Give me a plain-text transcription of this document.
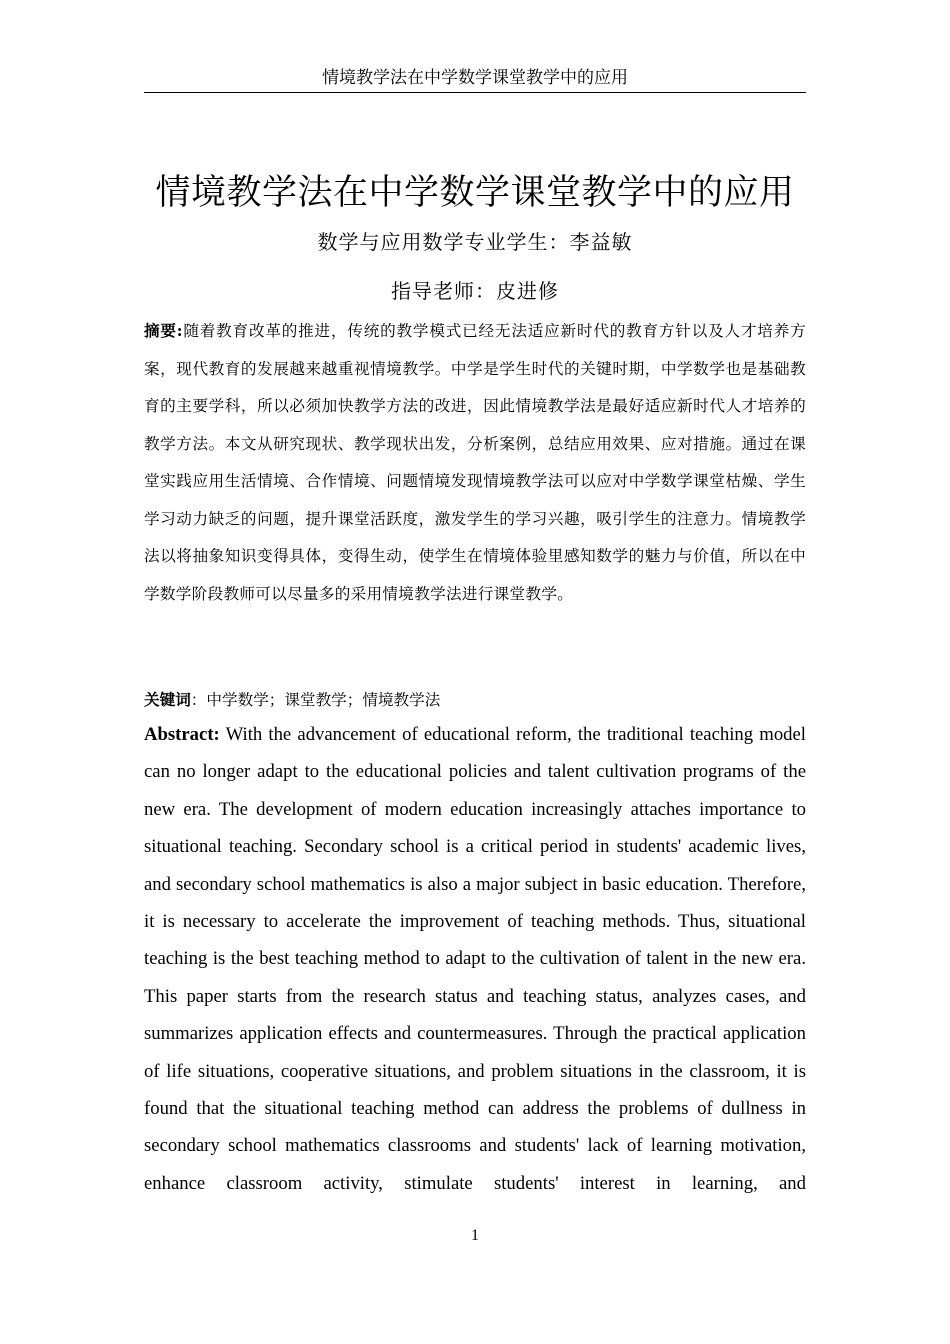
情境教学法在中学数学课堂教学中的应用
情境教学法在中学数学课堂教学中的应用
数学与应用数学专业学生：李益敏
指导老师：皮进修
摘要:随着教育改革的推进，传统的教学模式已经无法适应新时代的教育方针以及人才培养方案，现代教育的发展越来越重视情境教学。中学是学生时代的关键时期，中学数学也是基础教育的主要学科，所以必须加快教学方法的改进，因此情境教学法是最好适应新时代人才培养的教学方法。本文从研究现状、教学现状出发，分析案例，总结应用效果、应对措施。通过在课堂实践应用生活情境、合作情境、问题情境发现情境教学法可以应对中学数学课堂枯燥、学生学习动力缺乏的问题，提升课堂活跃度，激发学生的学习兴趣，吸引学生的注意力。情境教学法以将抽象知识变得具体，变得生动，使学生在情境体验里感知数学的魅力与价值，所以在中学数学阶段教师可以尽量多的采用情境教学法进行课堂教学。
关键词：中学数学；课堂教学；情境教学法
Abstract: With the advancement of educational reform, the traditional teaching model can no longer adapt to the educational policies and talent cultivation programs of the new era. The development of modern education increasingly attaches importance to situational teaching. Secondary school is a critical period in students' academic lives, and secondary school mathematics is also a major subject in basic education. Therefore, it is necessary to accelerate the improvement of teaching methods. Thus, situational teaching is the best teaching method to adapt to the cultivation of talent in the new era. This paper starts from the research status and teaching status, analyzes cases, and summarizes application effects and countermeasures. Through the practical application of life situations, cooperative situations, and problem situations in the classroom, it is found that the situational teaching method can address the problems of dullness in secondary school mathematics classrooms and students' lack of learning motivation, enhance classroom activity, stimulate students' interest in learning, and
1
